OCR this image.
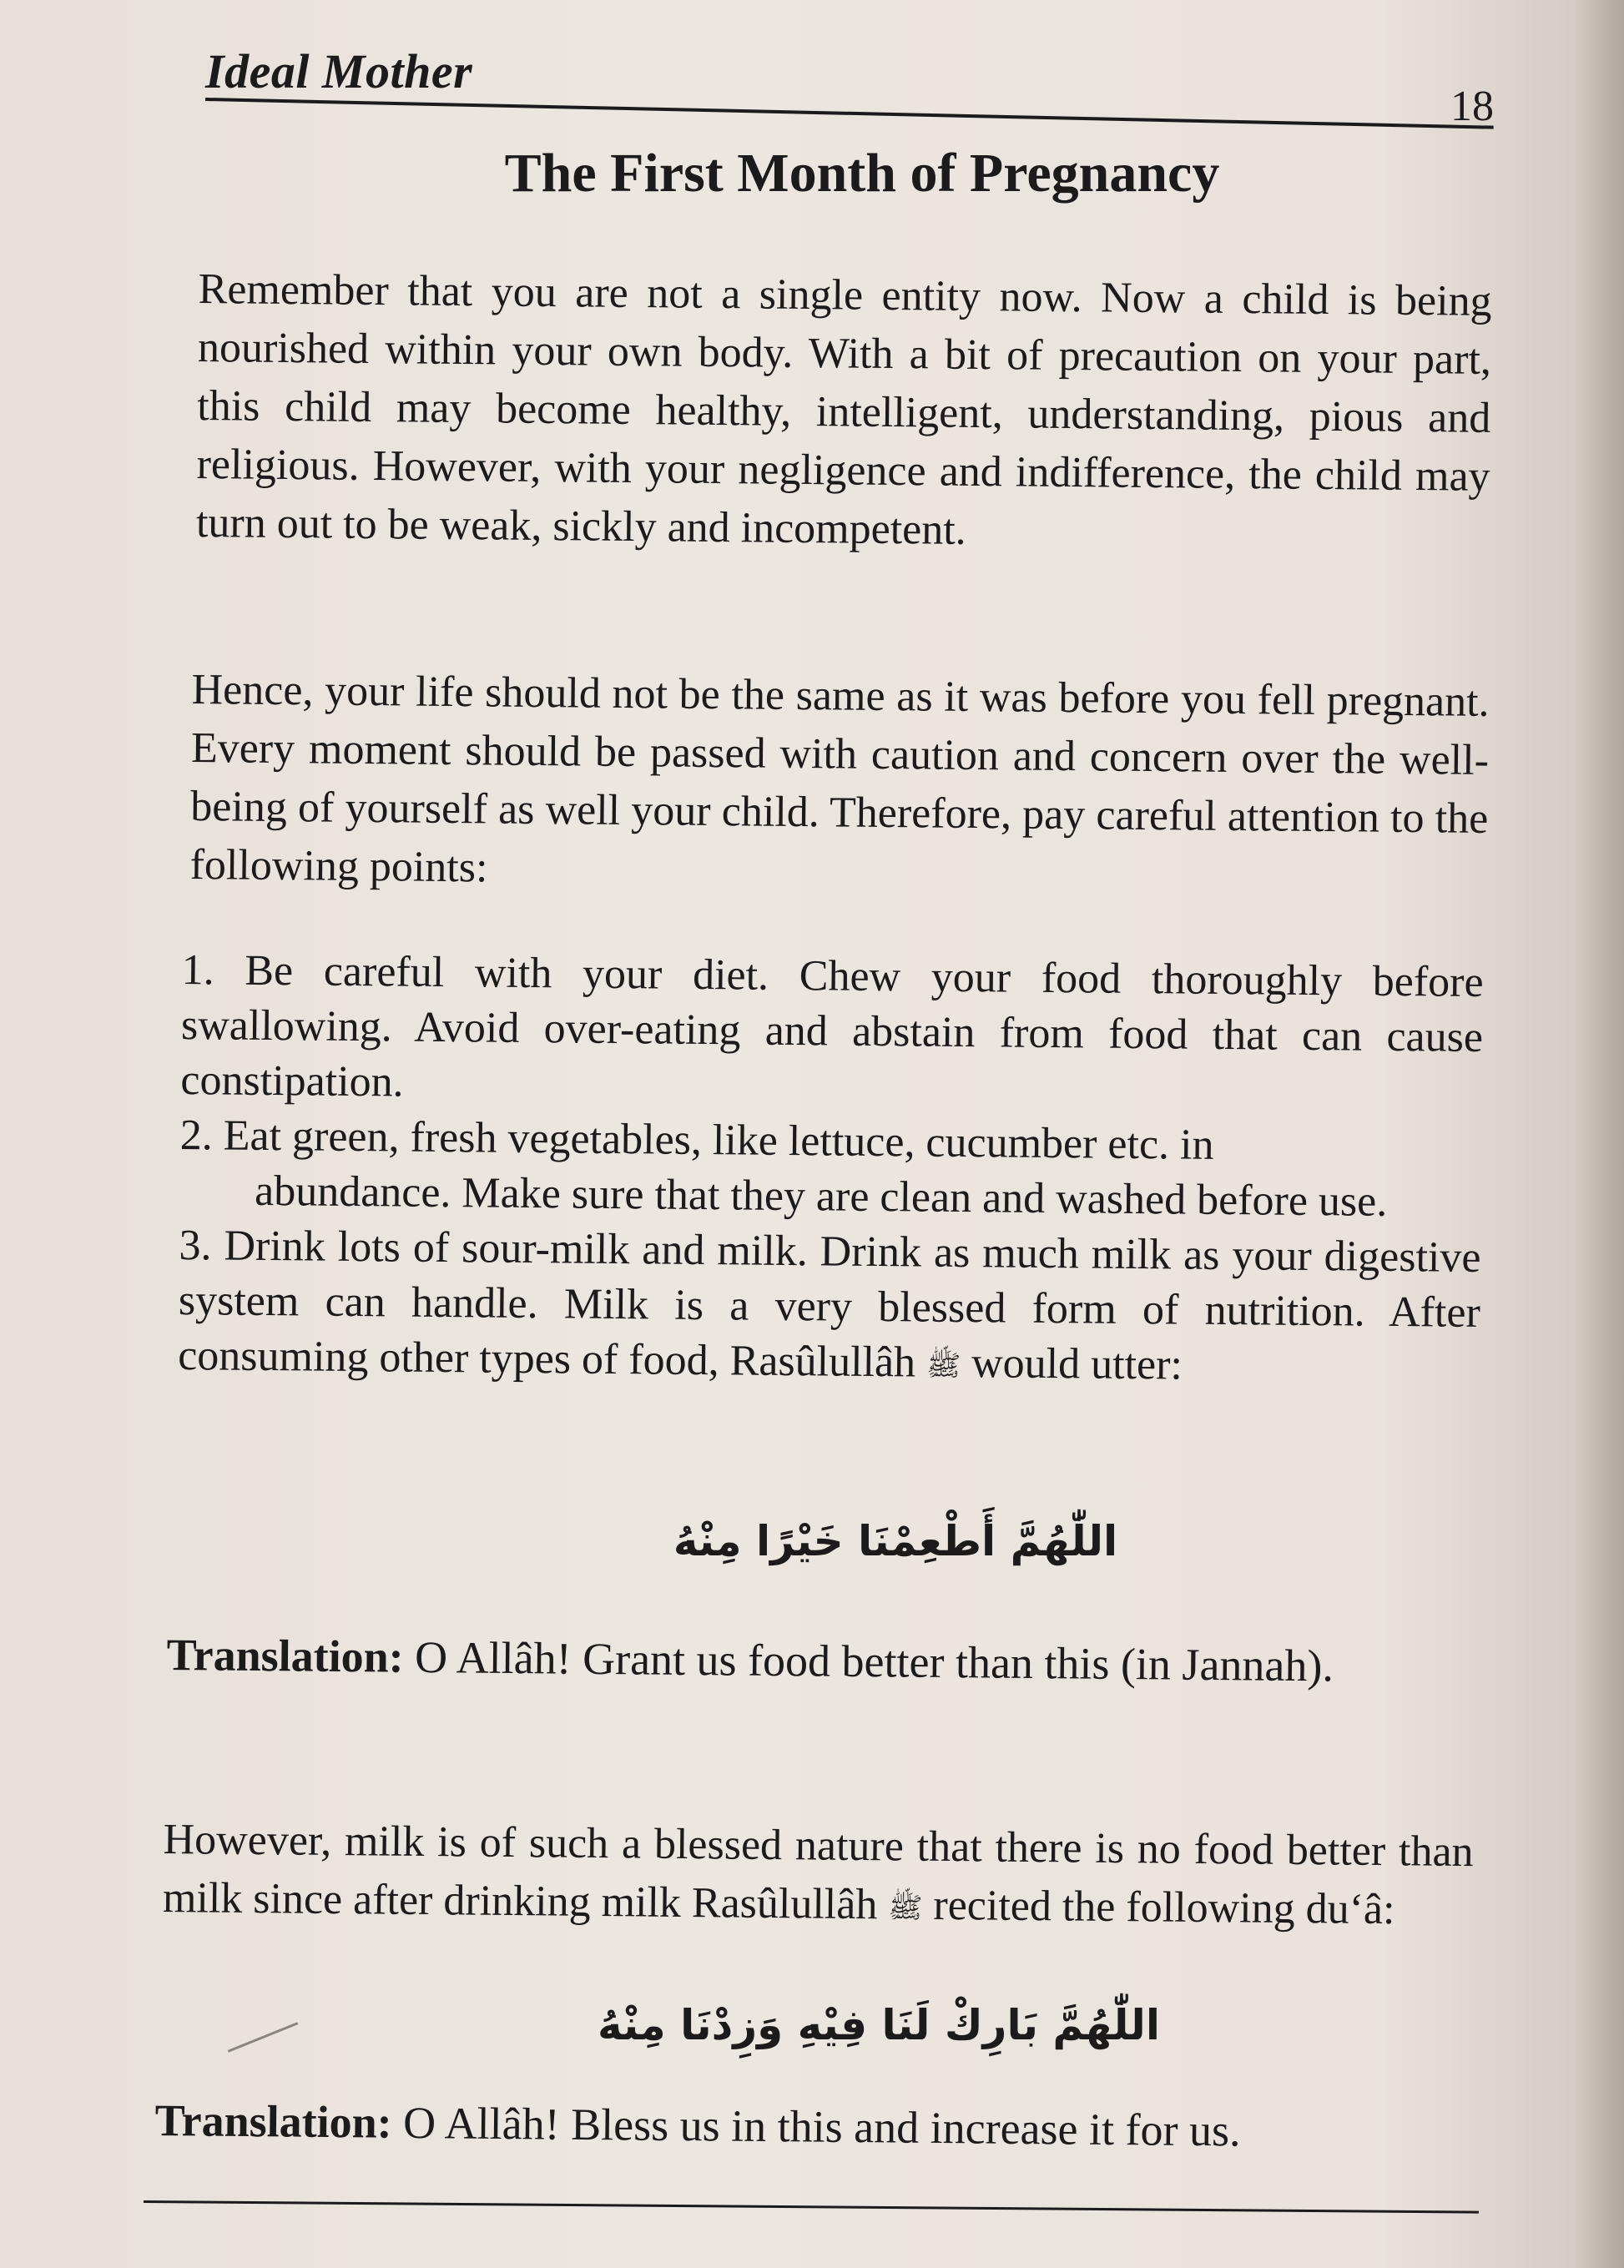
Ideal Mother
18
The First Month of Pregnancy

Remember that you are not a single entity now. Now a child is being nourished within your own body. With a bit of precaution on your part, this child may become healthy, intelligent, understanding, pious and religious. However, with your negligence and indifference, the child may turn out to be weak, sickly and incompetent.

Hence, your life should not be the same as it was before you fell pregnant. Every moment should be passed with caution and concern over the well-being of yourself as well your child. Therefore, pay careful attention to the following points:

1. Be careful with your diet. Chew your food thoroughly before swallowing. Avoid over-eating and abstain from food that can cause constipation.

2. Eat green, fresh vegetables, like lettuce, cucumber etc. in
abundance. Make sure that they are clean and washed before use.

3. Drink lots of sour-milk and milk. Drink as much milk as your digestive system can handle. Milk is a very blessed form of nutrition. After consuming other types of food, Rasûlullâh ﷺ would utter:

اللّٰهُمَّ أَطْعِمْنَا خَيْرًا مِنْهُ

Translation: O Allâh! Grant us food better than this (in Jannah).

However, milk is of such a blessed nature that there is no food better than milk since after drinking milk Rasûlullâh ﷺ recited the following du‘â:

اللّٰهُمَّ بَارِكْ لَنَا فِيْهِ وَزِدْنَا مِنْهُ

Translation: O Allâh! Bless us in this and increase it for us.
